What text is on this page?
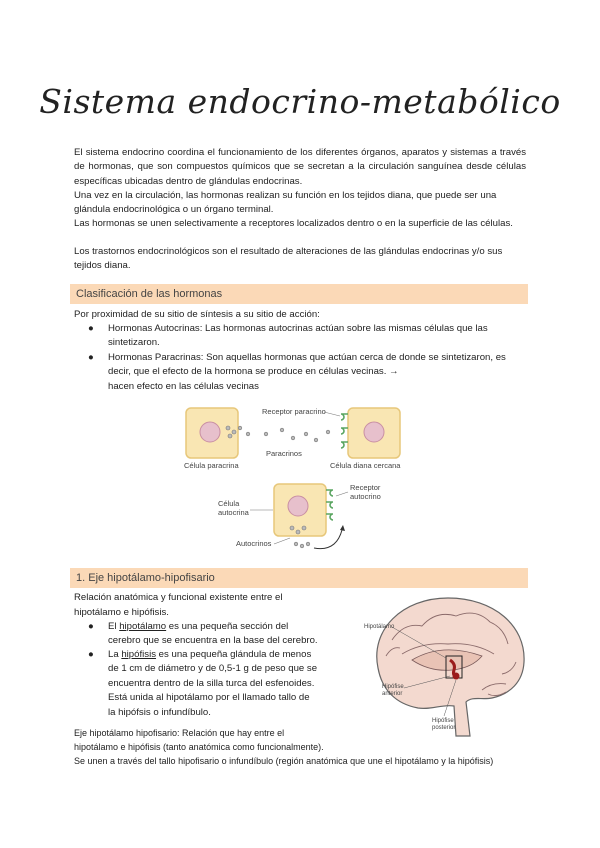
Sistema endocrino-metabólico
El sistema endocrino coordina el funcionamiento de los diferentes órganos, aparatos y sistemas a través de hormonas, que son compuestos químicos que se secretan a la circulación sanguínea desde células específicas ubicadas dentro de glándulas endocrinas.
Una vez en la circulación, las hormonas realizan su función en los tejidos diana, que puede ser una glándula endocrinológica o un órgano terminal.
Las hormonas se unen selectivamente a receptores localizados dentro o en la superficie de las células.
Los trastornos endocrinológicos son el resultado de alteraciones de las glándulas endocrinas y/o sus tejidos diana.
Clasificación de las hormonas
Por proximidad de su sitio de síntesis a su sitio de acción:
● Hormonas Autocrinas: Las hormonas autocrinas actúan sobre las mismas células que las sintetizaron.
● Hormonas Paracrinas: Son aquellas hormonas que actúan cerca de donde se sintetizaron, es decir, que el efecto de la hormona se produce en células vecinas. →
hacen efecto en las células vecinas
Receptor paracrino
Paracrinos
Célula paracrina	Célula diana cercana
Receptor
autocrino
Célula
autocrina
Autocrinos
1. Eje hipotálamo-hipofisario
Relación anatómica y funcional existente entre el
hipotálamo e hipófisis.
● El hipotálamo es una pequeña sección del
cerebro que se encuentra en la base del cerebro.
● La hipófisis es una pequeña glándula de menos
de 1 cm de diámetro y de 0,5-1 g de peso que se
encuentra dentro de la silla turca del esfenoides.
Está unida al hipotálamo por el llamado tallo de
la hipófsis o infundíbulo.
Hipotálamo
Hipófise
anterior
Hipófise
posterior
Eje hipotálamo hipofisario: Relación que hay entre el
hipotálamo e hipófisis (tanto anatómica como funcionalmente).
Se unen a través del tallo hipofisario o infundíbulo (región anatómica que une el hipotálamo y la hipófisis)
